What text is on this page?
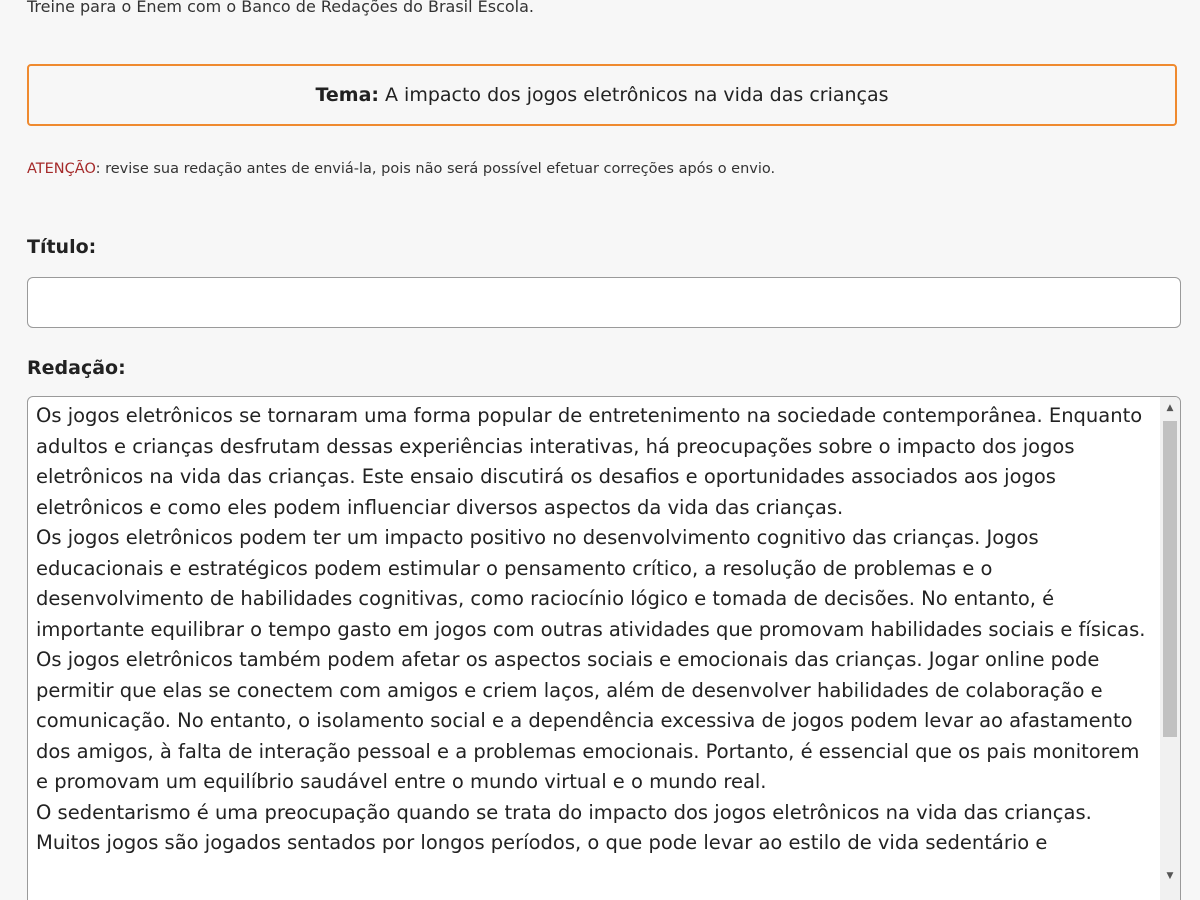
Treine para o Enem com o Banco de Redações do Brasil Escola.
Tema: A impacto dos jogos eletrônicos na vida das crianças
ATENÇÃO: revise sua redação antes de enviá-la, pois não será possível efetuar correções após o envio.
Título:
Redação:
Os jogos eletrônicos se tornaram uma forma popular de entretenimento na sociedade contemporânea. Enquanto adultos e crianças desfrutam dessas experiências interativas, há preocupações sobre o impacto dos jogos eletrônicos na vida das crianças. Este ensaio discutirá os desafios e oportunidades associados aos jogos eletrônicos e como eles podem influenciar diversos aspectos da vida das crianças.
Os jogos eletrônicos podem ter um impacto positivo no desenvolvimento cognitivo das crianças. Jogos educacionais e estratégicos podem estimular o pensamento crítico, a resolução de problemas e o desenvolvimento de habilidades cognitivas, como raciocínio lógico e tomada de decisões. No entanto, é importante equilibrar o tempo gasto em jogos com outras atividades que promovam habilidades sociais e físicas.
Os jogos eletrônicos também podem afetar os aspectos sociais e emocionais das crianças. Jogar online pode permitir que elas se conectem com amigos e criem laços, além de desenvolver habilidades de colaboração e comunicação. No entanto, o isolamento social e a dependência excessiva de jogos podem levar ao afastamento dos amigos, à falta de interação pessoal e a problemas emocionais. Portanto, é essencial que os pais monitorem e promovam um equilíbrio saudável entre o mundo virtual e o mundo real.
O sedentarismo é uma preocupação quando se trata do impacto dos jogos eletrônicos na vida das crianças. Muitos jogos são jogados sentados por longos períodos, o que pode levar ao estilo de vida sedentário e
▲
▼
